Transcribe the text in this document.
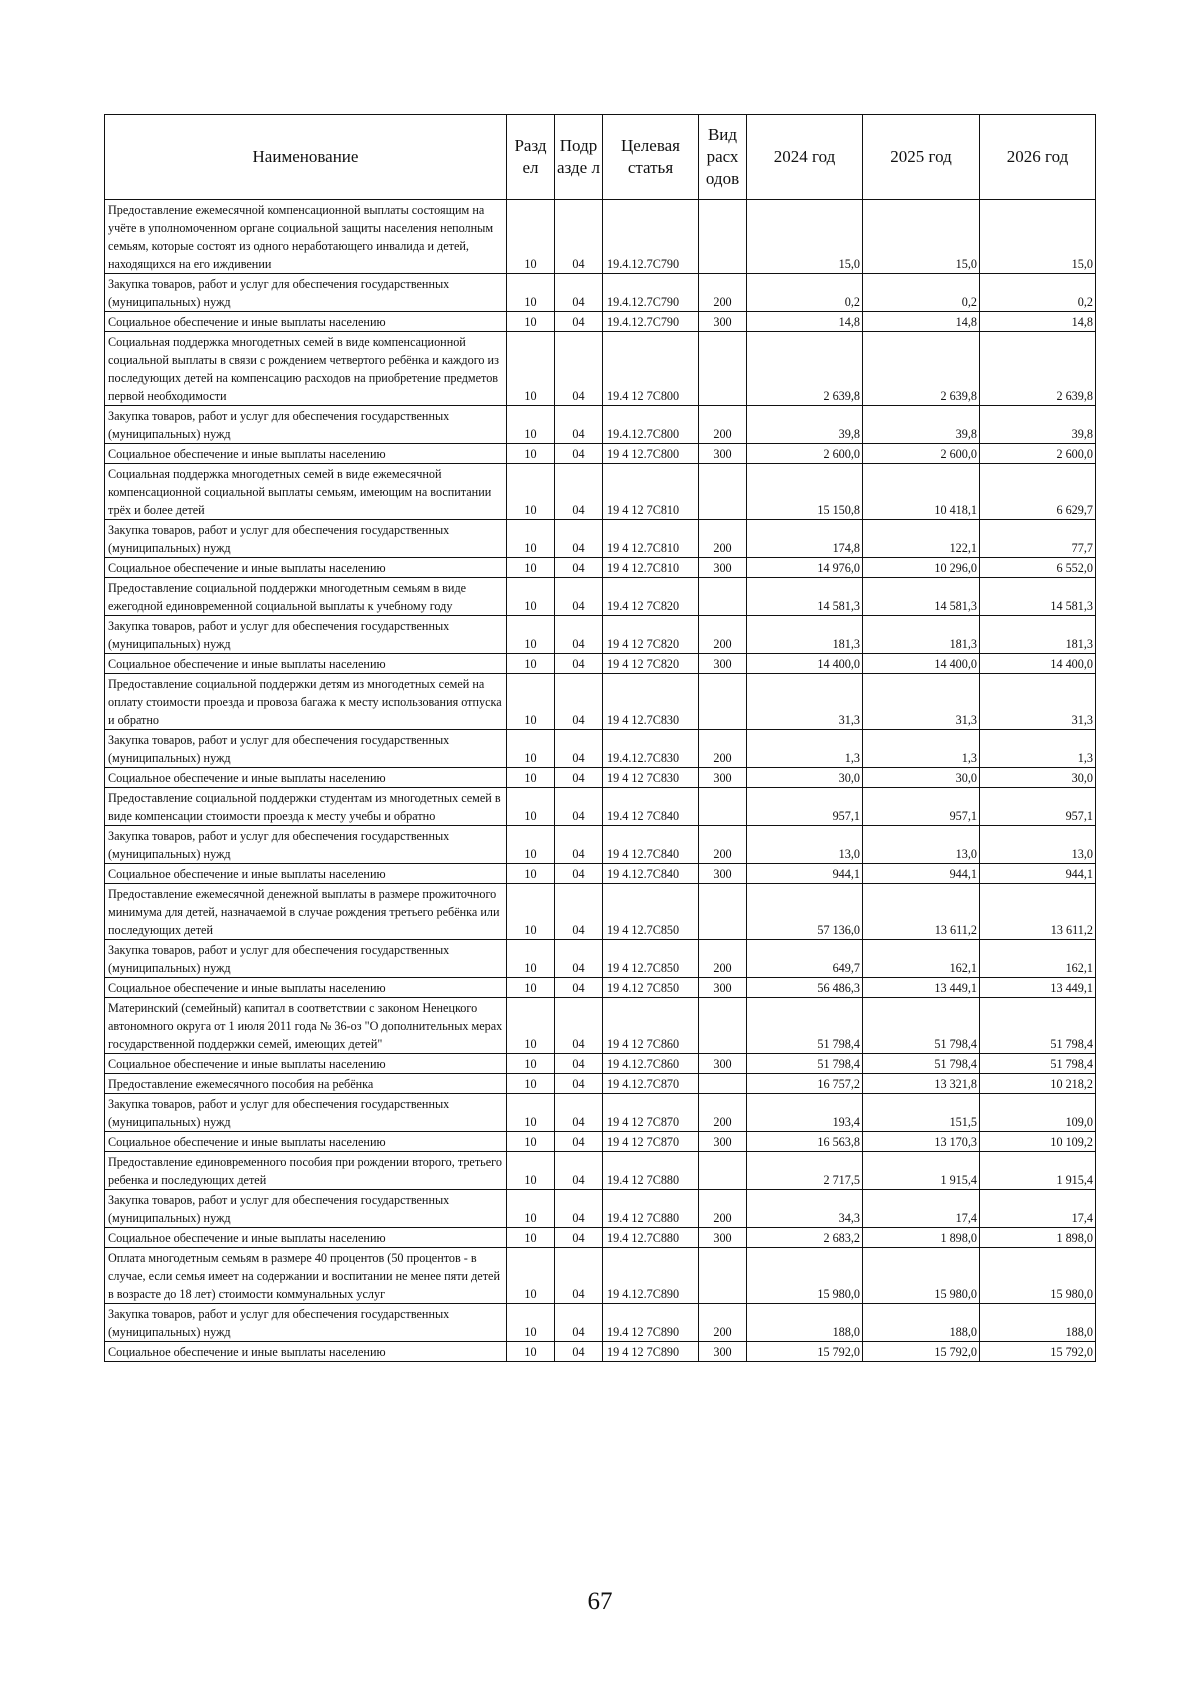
Наименование	Разд ел	Подр азде л	Целевая статья	Вид расх одов	2024 год	2025 год	2026 год
Предоставление ежемесячной компенсационной выплаты состоящим на учёте в уполномоченном органе социальной защиты населения неполным семьям, которые состоят из одного неработающего инвалида и детей, находящихся на его иждивении	10	04	19.4.12.7С790		15,0	15,0	15,0
Закупка товаров, работ и услуг для обеспечения государственных (муниципальных) нужд	10	04	19.4.12.7С790	200	0,2	0,2	0,2
Социальное обеспечение и иные выплаты населению	10	04	19.4.12.7С790	300	14,8	14,8	14,8
Социальная поддержка многодетных семей в виде компенсационной социальной выплаты в связи с рождением четвертого ребёнка и каждого из последующих детей на компенсацию расходов на приобретение предметов первой необходимости	10	04	19.4 12 7С800		2 639,8	2 639,8	2 639,8
Закупка товаров, работ и услуг для обеспечения государственных (муниципальных) нужд	10	04	19.4.12.7С800	200	39,8	39,8	39,8
Социальное обеспечение и иные выплаты населению	10	04	19 4 12.7С800	300	2 600,0	2 600,0	2 600,0
Социальная поддержка многодетных семей в виде ежемесячной компенсационной социальной выплаты семьям, имеющим на воспитании трёх и более детей	10	04	19 4 12 7С810		15 150,8	10 418,1	6 629,7
Закупка товаров, работ и услуг для обеспечения государственных (муниципальных) нужд	10	04	19 4 12.7С810	200	174,8	122,1	77,7
Социальное обеспечение и иные выплаты населению	10	04	19 4 12.7С810	300	14 976,0	10 296,0	6 552,0
Предоставление социальной поддержки многодетным семьям в виде ежегодной единовременной социальной выплаты к учебному году	10	04	19.4 12 7С820		14 581,3	14 581,3	14 581,3
Закупка товаров, работ и услуг для обеспечения государственных (муниципальных) нужд	10	04	19 4 12 7С820	200	181,3	181,3	181,3
Социальное обеспечение и иные выплаты населению	10	04	19 4 12 7С820	300	14 400,0	14 400,0	14 400,0
Предоставление социальной поддержки детям из многодетных семей на оплату стоимости проезда и провоза багажа к месту использования отпуска и обратно	10	04	19 4 12.7С830		31,3	31,3	31,3
Закупка товаров, работ и услуг для обеспечения государственных (муниципальных) нужд	10	04	19.4.12.7С830	200	1,3	1,3	1,3
Социальное обеспечение и иные выплаты населению	10	04	19 4 12 7С830	300	30,0	30,0	30,0
Предоставление социальной поддержки студентам из многодетных семей в виде компенсации стоимости проезда к месту учебы и обратно	10	04	19.4 12 7С840		957,1	957,1	957,1
Закупка товаров, работ и услуг для обеспечения государственных (муниципальных) нужд	10	04	19 4 12.7С840	200	13,0	13,0	13,0
Социальное обеспечение и иные выплаты населению	10	04	19 4.12.7С840	300	944,1	944,1	944,1
Предоставление ежемесячной денежной выплаты в размере прожиточного минимума для детей, назначаемой в случае рождения третьего ребёнка или последующих детей	10	04	19 4 12.7С850		57 136,0	13 611,2	13 611,2
Закупка товаров, работ и услуг для обеспечения государственных (муниципальных) нужд	10	04	19 4 12.7С850	200	649,7	162,1	162,1
Социальное обеспечение и иные выплаты населению	10	04	19 4.12 7С850	300	56 486,3	13 449,1	13 449,1
Материнский (семейный) капитал в соответствии с законом Ненецкого автономного округа от 1 июля 2011 года № 36-оз "О дополнительных мерах государственной поддержки семей, имеющих детей"	10	04	19 4 12 7С860		51 798,4	51 798,4	51 798,4
Социальное обеспечение и иные выплаты населению	10	04	19 4.12.7С860	300	51 798,4	51 798,4	51 798,4
Предоставление ежемесячного пособия на ребёнка	10	04	19 4.12.7С870		16 757,2	13 321,8	10 218,2
Закупка товаров, работ и услуг для обеспечения государственных (муниципальных) нужд	10	04	19 4 12 7С870	200	193,4	151,5	109,0
Социальное обеспечение и иные выплаты населению	10	04	19 4 12 7С870	300	16 563,8	13 170,3	10 109,2
Предоставление единовременного пособия при рождении второго, третьего ребенка и последующих детей	10	04	19.4 12 7С880		2 717,5	1 915,4	1 915,4
Закупка товаров, работ и услуг для обеспечения государственных (муниципальных) нужд	10	04	19.4 12 7С880	200	34,3	17,4	17,4
Социальное обеспечение и иные выплаты населению	10	04	19.4 12.7С880	300	2 683,2	1 898,0	1 898,0
Оплата многодетным семьям в размере 40 процентов (50 процентов - в случае, если семья имеет на содержании и воспитании не менее пяти детей в возрасте до 18 лет) стоимости коммунальных услуг	10	04	19 4.12.7С890		15 980,0	15 980,0	15 980,0
Закупка товаров, работ и услуг для обеспечения государственных (муниципальных) нужд	10	04	19.4 12 7С890	200	188,0	188,0	188,0
Социальное обеспечение и иные выплаты населению	10	04	19 4 12 7С890	300	15 792,0	15 792,0	15 792,0
67
